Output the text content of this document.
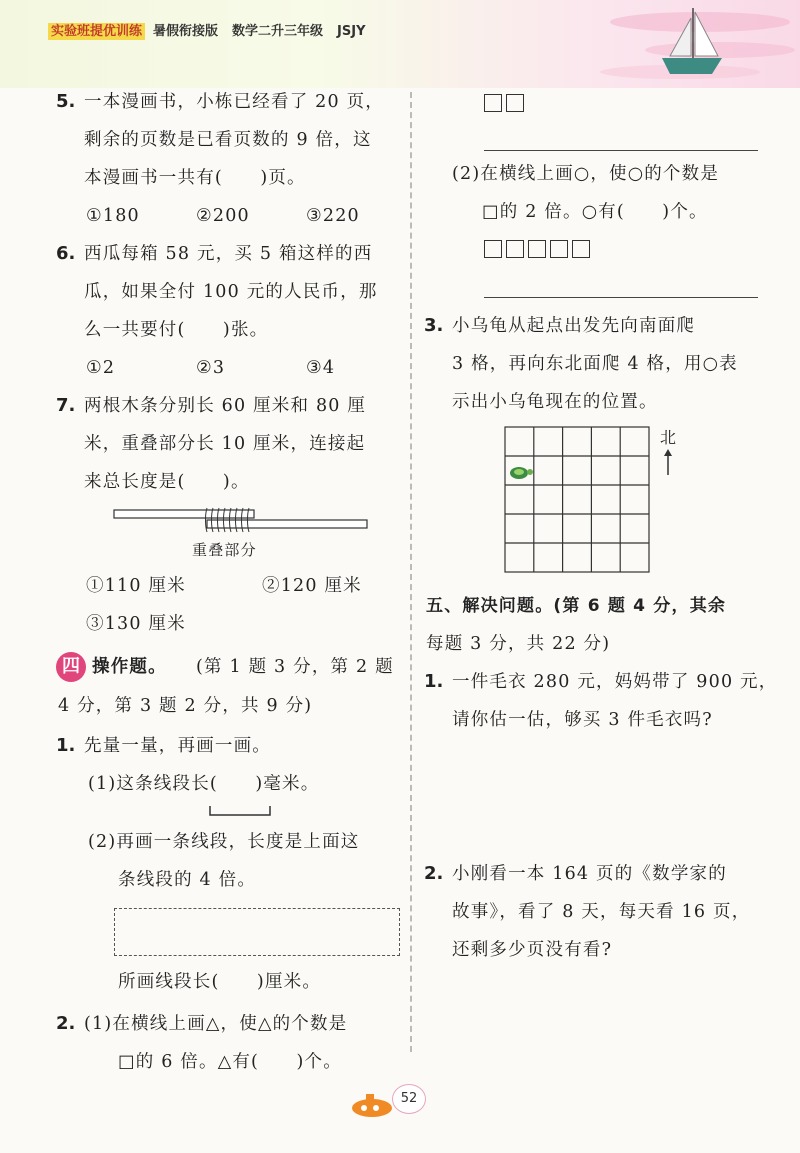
实验班提优训练 暑假衔接版 数学二升三年级 JSJY
5. 一本漫画书，小栋已经看了 20 页，
剩余的页数是已看页数的 9 倍，这
本漫画书一共有(　　)页。
①180	②200	③220
6. 西瓜每箱 58 元，买 5 箱这样的西
瓜，如果全付 100 元的人民币，那
么一共要付(　　)张。
①2	②3	③4
7. 两根木条分别长 60 厘米和 80 厘
米，重叠部分长 10 厘米，连接起
来总长度是(　　)。
重叠部分
①110 厘米	②120 厘米
③130 厘米
四 操作题。 (第 1 题 3 分，第 2 题
4 分，第 3 题 2 分，共 9 分)
1. 先量一量，再画一画。
(1)这条线段长(　　)毫米。
(2)再画一条线段，长度是上面这
条线段的 4 倍。
所画线段长(　　)厘米。
2. (1)在横线上画△，使△的个数是
□的 6 倍。△有(　　)个。
(2)在横线上画○，使○的个数是
□的 2 倍。○有(　　)个。
3. 小乌龟从起点出发先向南面爬
3 格，再向东北面爬 4 格，用○表
示出小乌龟现在的位置。
北
五、解决问题。(第 6 题 4 分，其余
每题 3 分，共 22 分)
1. 一件毛衣 280 元，妈妈带了 900 元，
请你估一估，够买 3 件毛衣吗?
2. 小刚看一本 164 页的《数学家的
故事》，看了 8 天，每天看 16 页，
还剩多少页没有看?
52
